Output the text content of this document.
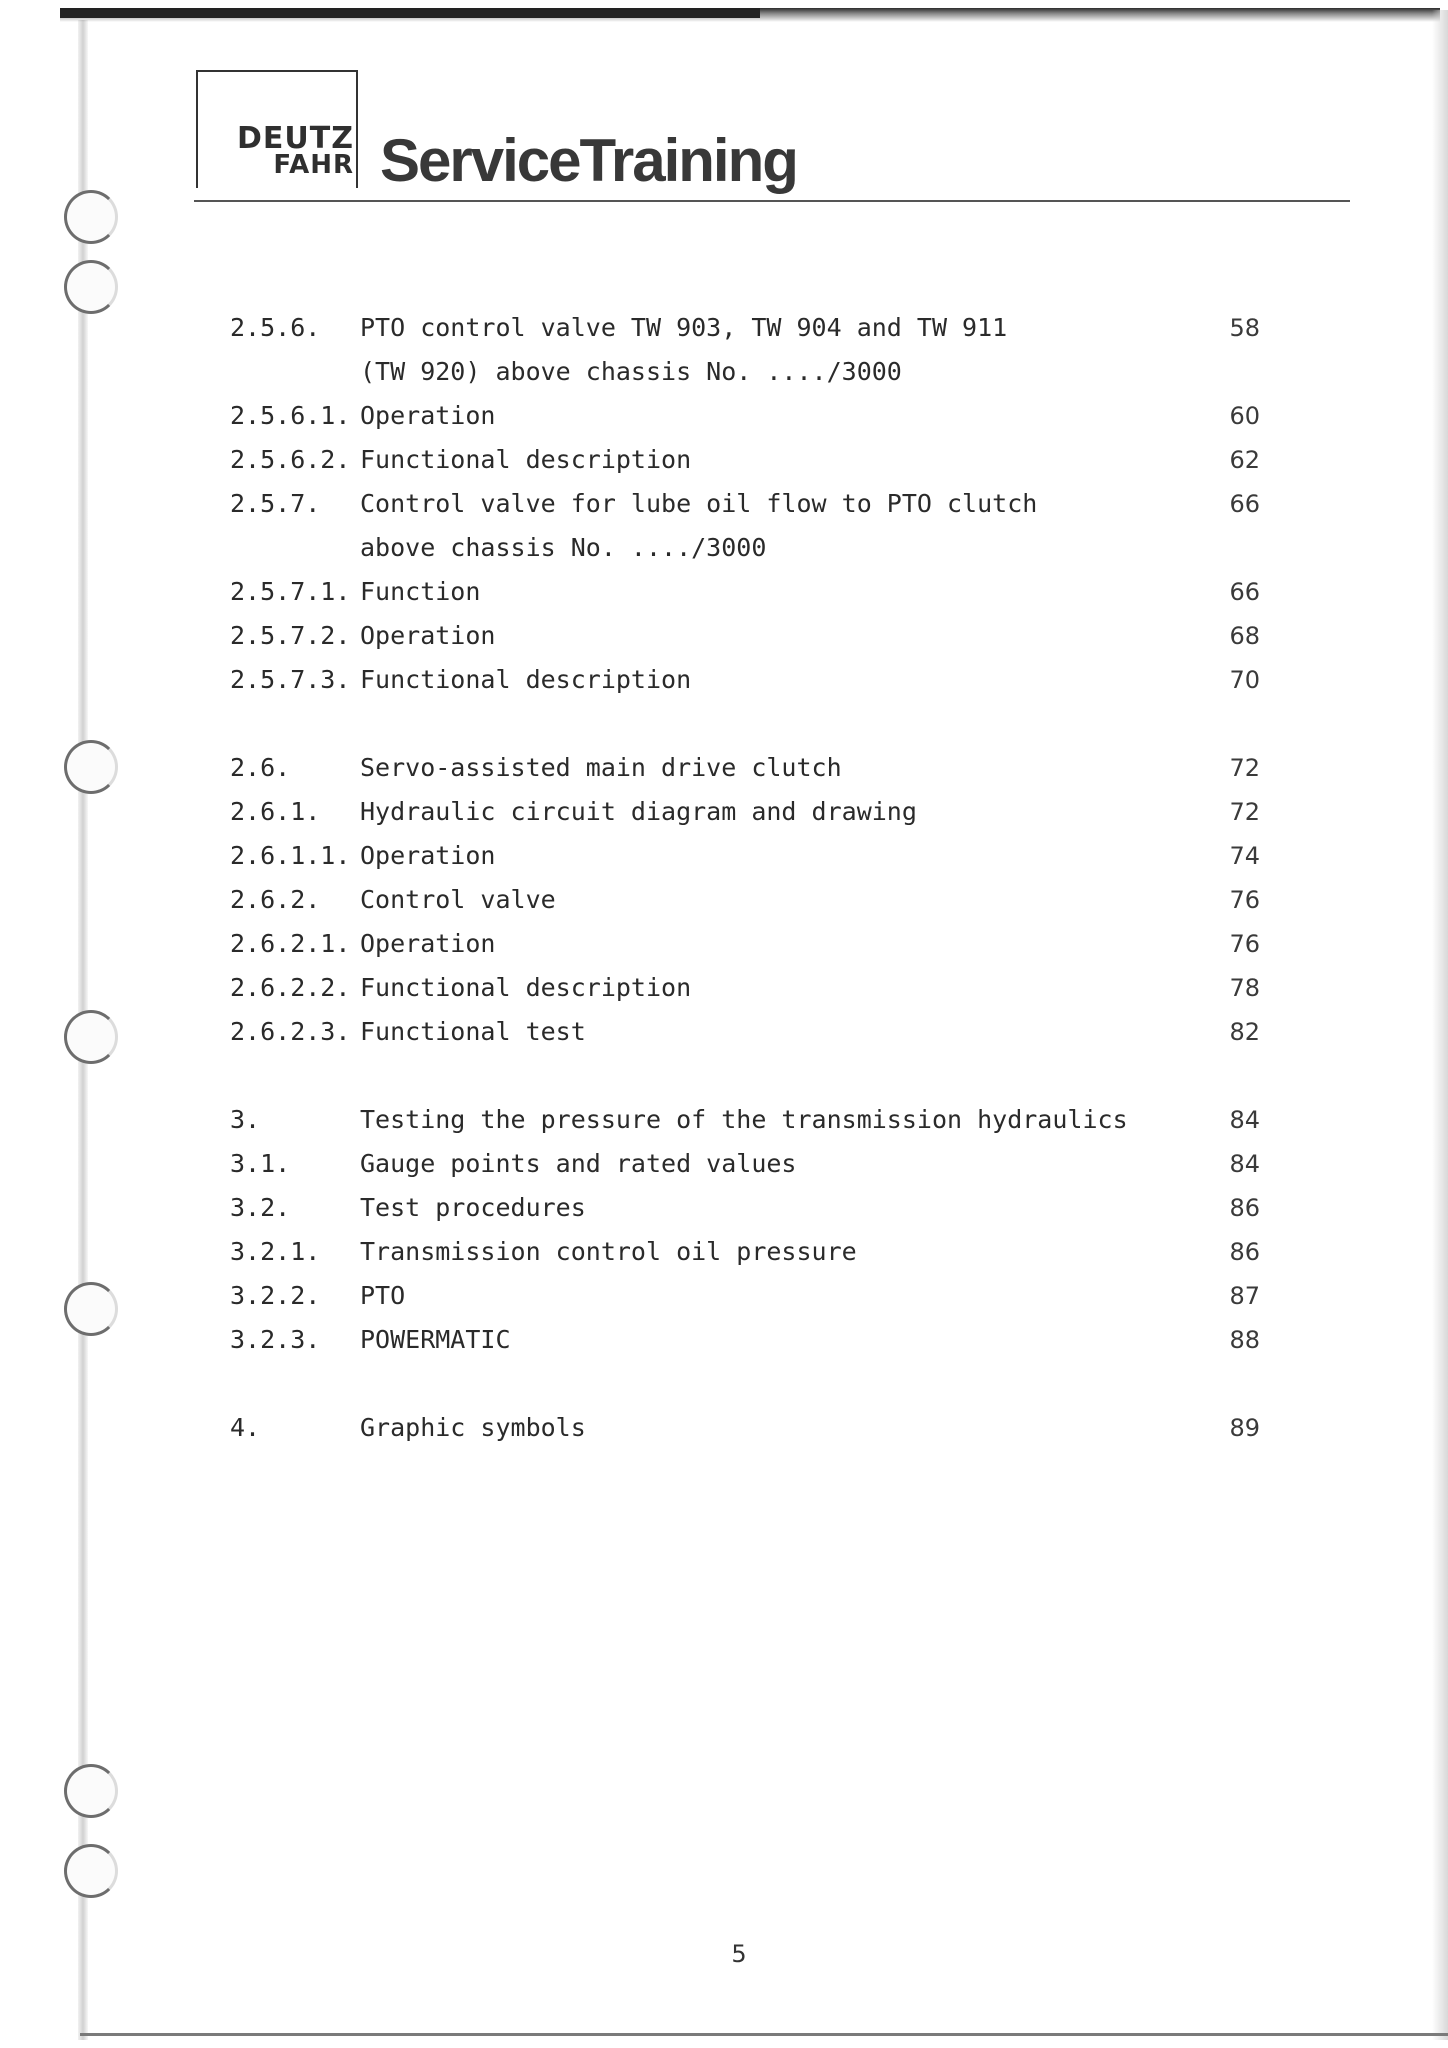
DEUTZ
FAHR ServiceTraining
2.5.6. PTO control valve TW 903, TW 904 and TW 911	58
(TW 920) above chassis No. ..../3000
2.5.6.1. Operation	60
2.5.6.2. Functional description	62
2.5.7. Control valve for lube oil flow to PTO clutch	66
above chassis No. ..../3000
2.5.7.1. Function	66
2.5.7.2. Operation	68
2.5.7.3. Functional description	70
2.6.	Servo-assisted main drive clutch	72
2.6.1. Hydraulic circuit diagram and drawing	72
2.6.1.1. Operation	74
2.6.2. Control valve	76
2.6.2.1. Operation	76
2.6.2.2. Functional description	78
2.6.2.3. Functional test	82
3.	Testing the pressure of the transmission hydraulics	84
3.1.	Gauge points and rated values	84
3.2.	Test procedures	86
3.2.1. Transmission control oil pressure	86
3.2.2. PTO	87
3.2.3. POWERMATIC	88
4.	Graphic symbols	89
5
